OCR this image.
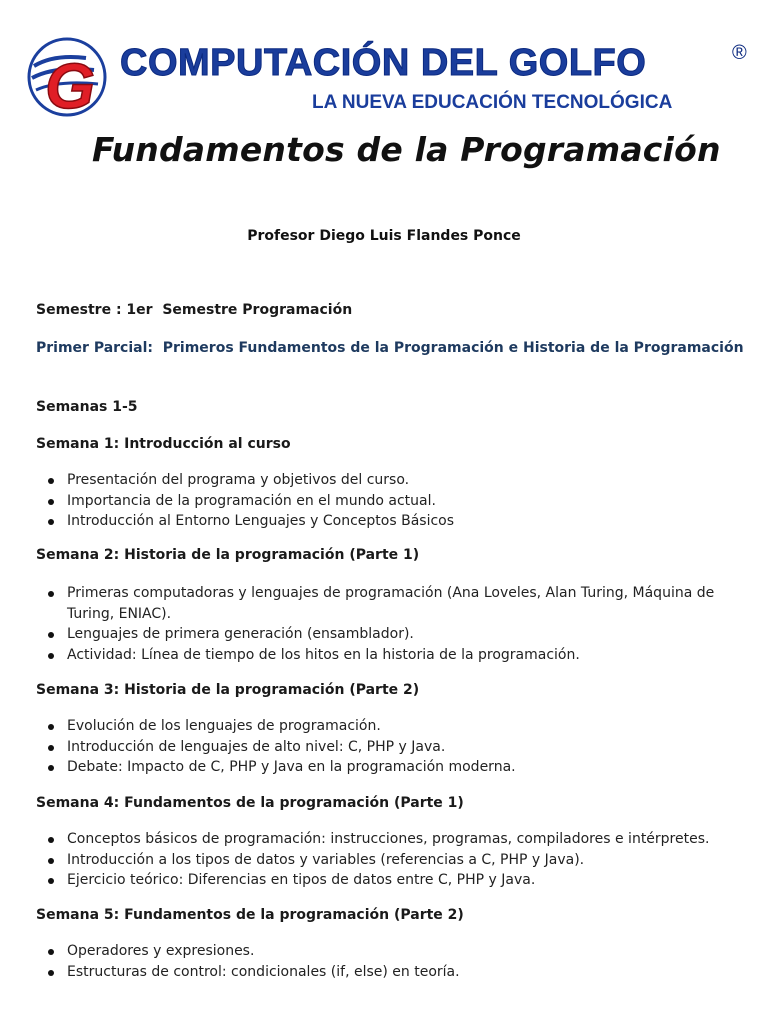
G COMPUTACIÓN DEL GOLFO	®
LA NUEVA EDUCACIÓN TECNOLÓGICA
Fundamentos de la Programación
Profesor Diego Luis Flandes Ponce
Semestre : 1er  Semestre Programación
Primer Parcial:  Primeros Fundamentos de la Programación e Historia de la Programación
Semanas 1-5
Semana 1: Introducción al curso
Presentación del programa y objetivos del curso.
Importancia de la programación en el mundo actual.
Introducción al Entorno Lenguajes y Conceptos Básicos
Semana 2: Historia de la programación (Parte 1)
Primeras computadoras y lenguajes de programación (Ana Loveles, Alan Turing, Máquina de Turing, ENIAC).
Lenguajes de primera generación (ensamblador).
Actividad: Línea de tiempo de los hitos en la historia de la programación.
Semana 3: Historia de la programación (Parte 2)
Evolución de los lenguajes de programación.
Introducción de lenguajes de alto nivel: C, PHP y Java.
Debate: Impacto de C, PHP y Java en la programación moderna.
Semana 4: Fundamentos de la programación (Parte 1)
Conceptos básicos de programación: instrucciones, programas, compiladores e intérpretes.
Introducción a los tipos de datos y variables (referencias a C, PHP y Java).
Ejercicio teórico: Diferencias en tipos de datos entre C, PHP y Java.
Semana 5: Fundamentos de la programación (Parte 2)
Operadores y expresiones.
Estructuras de control: condicionales (if, else) en teoría.
